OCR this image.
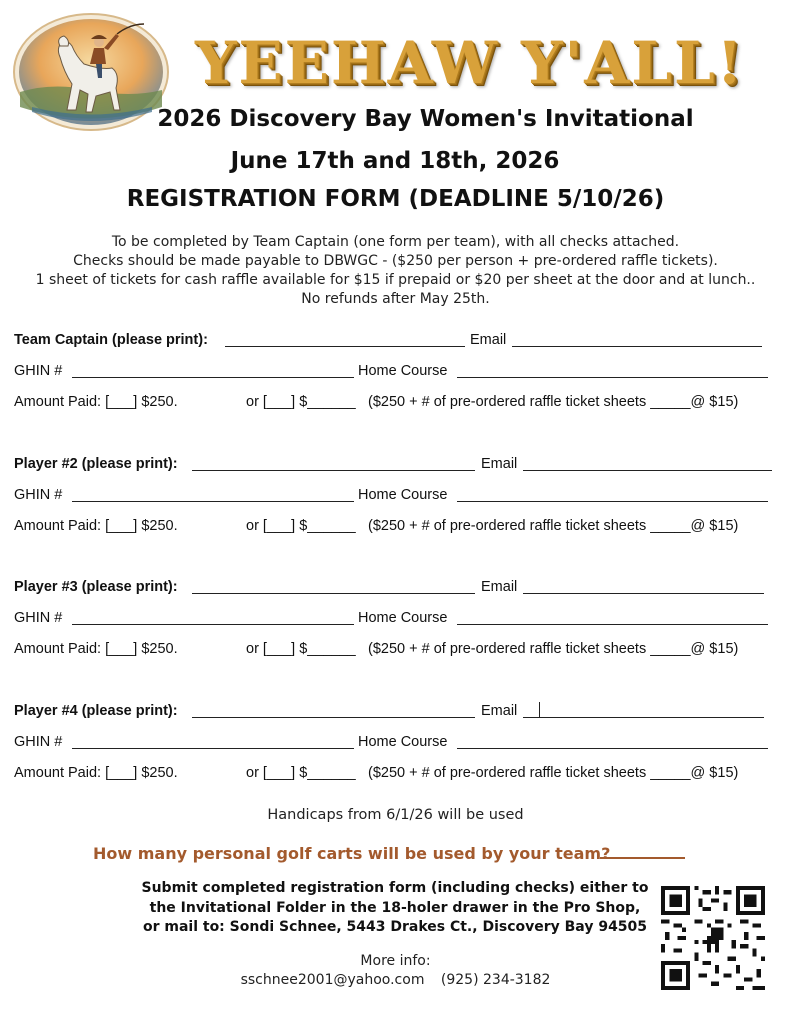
YEEHAW Y'ALL!
2026 Discovery Bay Women's Invitational
June 17th and 18th, 2026
REGISTRATION FORM (DEADLINE 5/10/26)
To be completed by Team Captain (one form per team), with all checks attached.
Checks should be made payable to DBWGC - ($250 per person + pre-ordered raffle tickets).
1 sheet of tickets for cash raffle available for $15 if prepaid or $20 per sheet at the door and at lunch..
No refunds after May 25th.
Team Captain (please print):	Email
GHIN #	Home Course
Amount Paid: [___] $250.	or [___] $______ ($250 + # of pre-ordered raffle ticket sheets _____@ $15)
Player #2 (please print):	Email
GHIN #	Home Course
Amount Paid: [___] $250.	or [___] $______ ($250 + # of pre-ordered raffle ticket sheets _____@ $15)
Player #3 (please print):	Email
GHIN #	Home Course
Amount Paid: [___] $250.	or [___] $______ ($250 + # of pre-ordered raffle ticket sheets _____@ $15)
Player #4 (please print):	Email
GHIN #	Home Course
Amount Paid: [___] $250.	or [___] $______ ($250 + # of pre-ordered raffle ticket sheets _____@ $15)
Handicaps from 6/1/26 will be used
How many personal golf carts will be used by your team?
Submit completed registration form (including checks) either to
the Invitational Folder in the 18-holer drawer in the Pro Shop,
or mail to: Sondi Schnee, 5443 Drakes Ct., Discovery Bay 94505
More info:
sschnee2001@yahoo.com (925) 234-3182
